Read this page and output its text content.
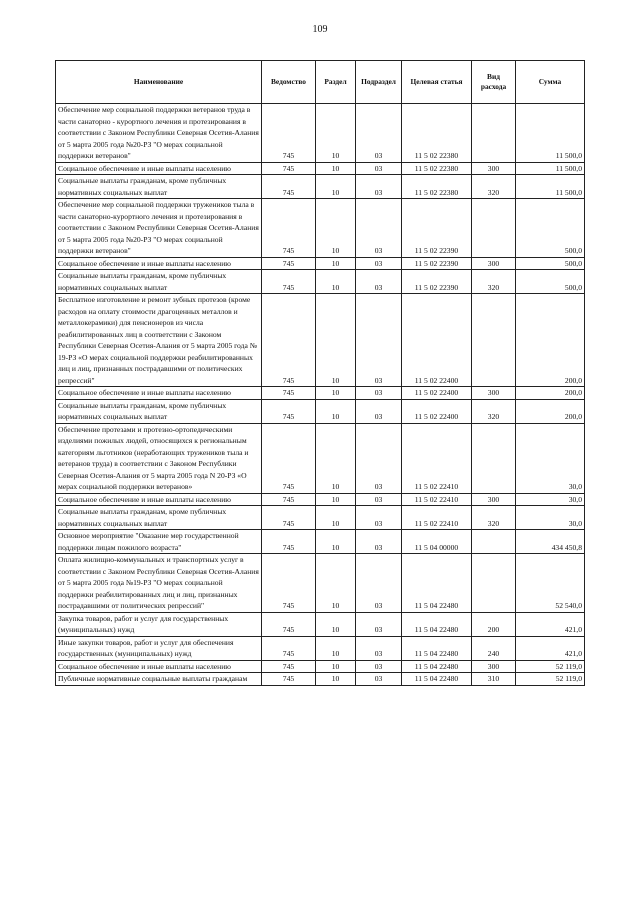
109
Наименование	Ведомство	Раздел	Подраздел	Целевая статья	Вид расхода	Сумма
Обеспечение мер социальной поддержки ветеранов труда в части санаторно - курортного лечения и протезирования в соответствии с Законом Республики Северная Осетия-Алания от 5 марта 2005 года №20-РЗ "О мерах социальной поддержки ветеранов"	745	10	03	11 5 02 22380		11 500,0
Социальное обеспечение и иные выплаты населению	745	10	03	11 5 02 22380	300	11 500,0
Социальные выплаты гражданам, кроме публичных нормативных социальных выплат	745	10	03	11 5 02 22380	320	11 500,0
Обеспечение мер социальной поддержки тружеников тыла в части санаторно-курортного лечения и протезирования в соответствии с Законом Республики Северная Осетия-Алания от 5 марта 2005 года №20-РЗ "О мерах социальной поддержки ветеранов"	745	10	03	11 5 02 22390		500,0
Социальное обеспечение и иные выплаты населению	745	10	03	11 5 02 22390	300	500,0
Социальные выплаты гражданам, кроме публичных нормативных социальных выплат	745	10	03	11 5 02 22390	320	500,0
Бесплатное изготовление и ремонт зубных протезов (кроме расходов на оплату стоимости драгоценных металлов и металлокерамики) для пенсионеров из числа реабилитированных лиц в соответствии с Законом Республики Северная Осетия-Алания от 5 марта 2005 года № 19-РЗ «О мерах социальной поддержки реабилитированных лиц и лиц, признанных пострадавшими от политических репрессий"	745	10	03	11 5 02 22400		200,0
Социальное обеспечение и иные выплаты населению	745	10	03	11 5 02 22400	300	200,0
Социальные выплаты гражданам, кроме публичных нормативных социальных выплат	745	10	03	11 5 02 22400	320	200,0
Обеспечение протезами и протезно-ортопедическими изделиями пожилых людей, относящихся к региональным категориям льготников (неработающих тружеников тыла и ветеранов труда) в соответствии с Законом Республики Северная Осетия-Алания от 5 марта 2005 года N 20-РЗ «О мерах социальной поддержки ветеранов»	745	10	03	11 5 02 22410		30,0
Социальное обеспечение и иные выплаты населению	745	10	03	11 5 02 22410	300	30,0
Социальные выплаты гражданам, кроме публичных нормативных социальных выплат	745	10	03	11 5 02 22410	320	30,0
Основное мероприятие "Оказание мер государственной поддержки лицам пожилого возраста"	745	10	03	11 5 04 00000		434 450,8
Оплата жилищно-коммунальных и транспортных услуг в соответствии с Законом Республики Северная Осетия-Алания от 5 марта 2005 года №19-РЗ "О мерах социальной поддержки реабилитированных лиц и лиц, признанных пострадавшими от политических репрессий"	745	10	03	11 5 04 22480		52 540,0
Закупка товаров, работ и услуг для государственных (муниципальных) нужд	745	10	03	11 5 04 22480	200	421,0
Иные закупки товаров, работ и услуг для обеспечения государственных (муниципальных) нужд	745	10	03	11 5 04 22480	240	421,0
Социальное обеспечение и иные выплаты населению	745	10	03	11 5 04 22480	300	52 119,0
Публичные нормативные социальные выплаты гражданам	745	10	03	11 5 04 22480	310	52 119,0
